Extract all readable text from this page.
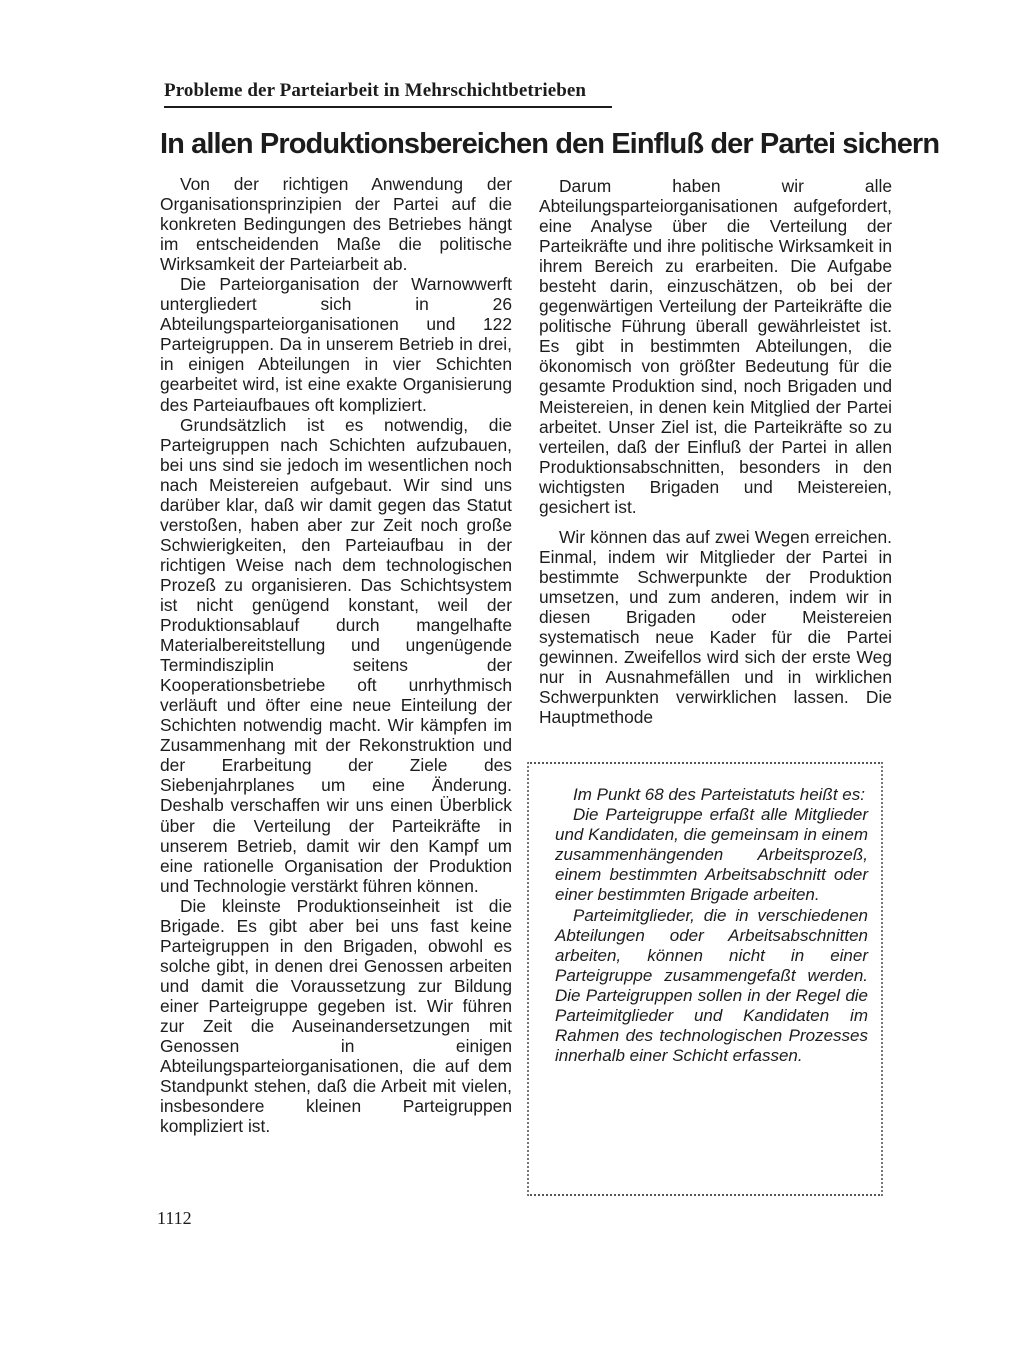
Probleme der Parteiarbeit in Mehrschichtbetrieben
In allen Produktionsbereichen den Einfluß der Partei sichern

Von der richtigen Anwendung der Organisationsprinzipien der Partei auf die konkreten Bedingungen des Betriebes hängt im entscheidenden Maße die politische Wirksamkeit der Parteiarbeit ab.

Die Parteiorganisation der Warnowwerft untergliedert sich in 26 Abteilungsparteiorganisationen und 122 Parteigruppen. Da in unserem Betrieb in drei, in einigen Abteilungen in vier Schichten gearbeitet wird, ist eine exakte Organisierung des Parteiaufbaues oft kompliziert.

Grundsätzlich ist es notwendig, die Parteigruppen nach Schichten aufzubauen, bei uns sind sie jedoch im wesentlichen noch nach Meistereien aufgebaut. Wir sind uns darüber klar, daß wir damit gegen das Statut verstoßen, haben aber zur Zeit noch große Schwierigkeiten, den Parteiaufbau in der richtigen Weise nach dem technologischen Prozeß zu organisieren. Das Schichtsystem ist nicht genügend konstant, weil der Produktionsablauf durch mangelhafte Materialbereitstellung und ungenügende Termindisziplin seitens der Kooperationsbetriebe oft unrhythmisch verläuft und öfter eine neue Einteilung der Schichten notwendig macht. Wir kämpfen im Zusammenhang mit der Rekonstruktion und der Erarbeitung der Ziele des Siebenjahrplanes um eine Änderung. Deshalb verschaffen wir uns einen Überblick über die Verteilung der Parteikräfte in unserem Betrieb, damit wir den Kampf um eine rationelle Organisation der Produktion und Technologie verstärkt führen können.

Die kleinste Produktionseinheit ist die Brigade. Es gibt aber bei uns fast keine Parteigruppen in den Brigaden, obwohl es solche gibt, in denen drei Genossen arbeiten und damit die Voraussetzung zur Bildung einer Parteigruppe gegeben ist. Wir führen zur Zeit die Auseinandersetzungen mit Genossen in einigen Abteilungsparteiorganisationen, die auf dem Standpunkt stehen, daß die Arbeit mit vielen, insbesondere kleinen Parteigruppen kompliziert ist.

Darum haben wir alle Abteilungsparteiorganisationen aufgefordert, eine Analyse über die Verteilung der Parteikräfte und ihre politische Wirksamkeit in ihrem Bereich zu erarbeiten. Die Aufgabe besteht darin, einzuschätzen, ob bei der gegenwärtigen Verteilung der Parteikräfte die politische Führung überall gewährleistet ist. Es gibt in bestimmten Abteilungen, die ökonomisch von größter Bedeutung für die gesamte Produktion sind, noch Brigaden und Meistereien, in denen kein Mitglied der Partei arbeitet. Unser Ziel ist, die Parteikräfte so zu verteilen, daß der Einfluß der Partei in allen Produktionsabschnitten, besonders in den wichtigsten Brigaden und Meistereien, gesichert ist.

Wir können das auf zwei Wegen erreichen. Einmal, indem wir Mitglieder der Partei in bestimmte Schwerpunkte der Produktion umsetzen, und zum anderen, indem wir in diesen Brigaden oder Meistereien systematisch neue Kader für die Partei gewinnen. Zweifellos wird sich der erste Weg nur in Ausnahmefällen und in wirklichen Schwerpunkten verwirklichen lassen. Die Hauptmethode

Im Punkt 68 des Parteistatuts heißt es:

Die Parteigruppe erfaßt alle Mitglieder und Kandidaten, die gemeinsam in einem zusammenhängenden Arbeitsprozeß, einem bestimmten Arbeitsabschnitt oder einer bestimmten Brigade arbeiten.

Parteimitglieder, die in verschiedenen Abteilungen oder Arbeitsabschnitten arbeiten, können nicht in einer Parteigruppe zusammengefaßt werden. Die Parteigruppen sollen in der Regel die Parteimitglieder und Kandidaten im Rahmen des technologischen Prozesses innerhalb einer Schicht erfassen.

1112
